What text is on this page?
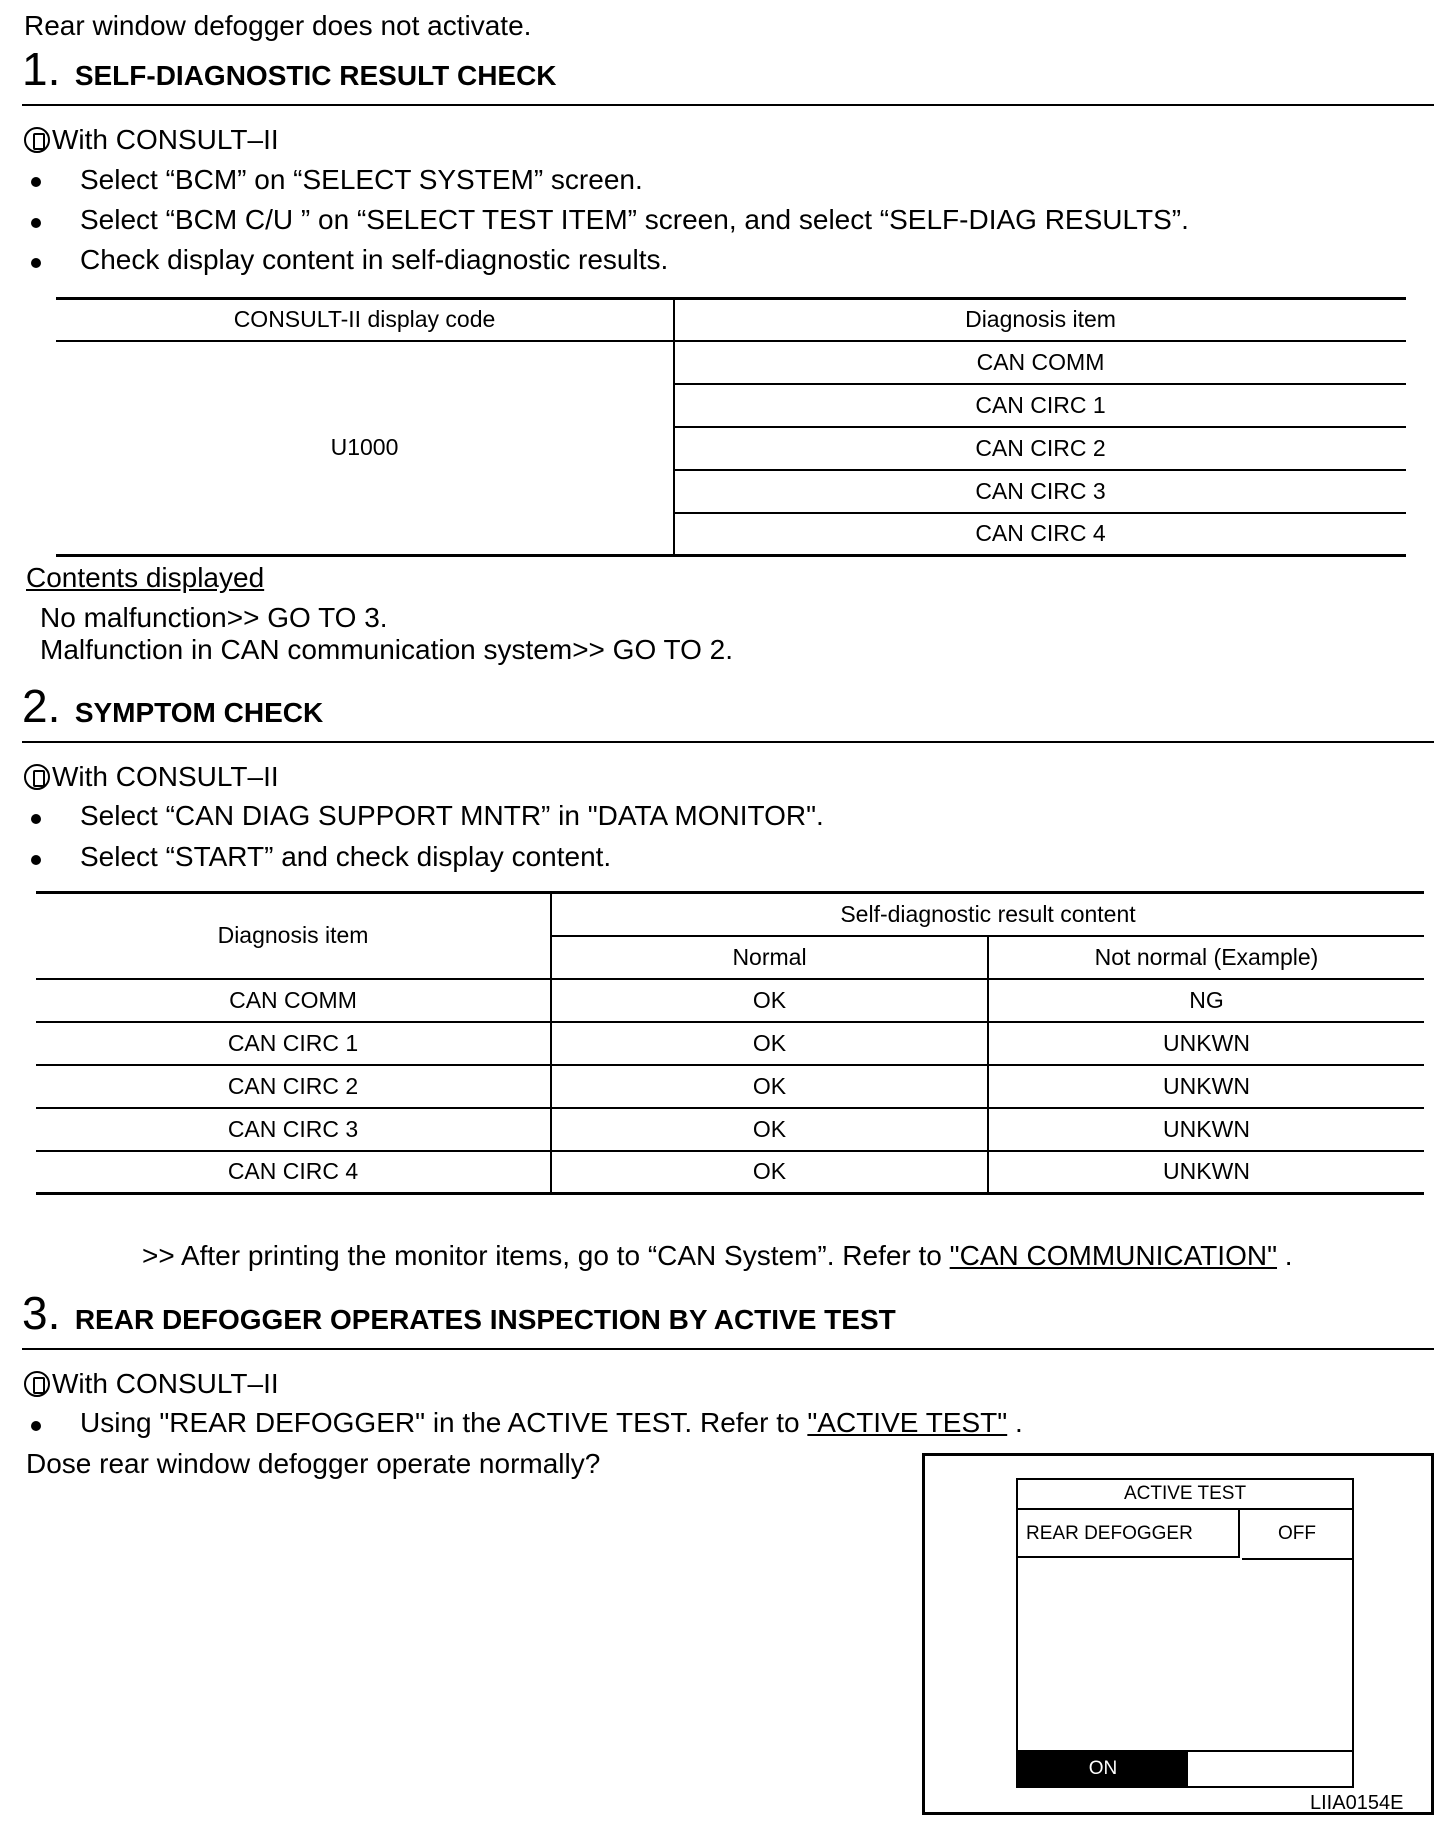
Rear window defogger does not activate.
1. SELF-DIAGNOSTIC RESULT CHECK
With CONSULT–II
Select “BCM” on “SELECT SYSTEM” screen.
Select “BCM C/U ” on “SELECT TEST ITEM” screen, and select “SELF-DIAG RESULTS”.
Check display content in self-diagnostic results.
CONSULT-II display code	Diagnosis item
U1000	CAN COMM
	CAN CIRC 1
	CAN CIRC 2
	CAN CIRC 3
	CAN CIRC 4
Contents displayed
No malfunction>> GO TO 3.
Malfunction in CAN communication system>> GO TO 2.
2. SYMPTOM CHECK
With CONSULT–II
Select “CAN DIAG SUPPORT MNTR” in "DATA MONITOR".
Select “START” and check display content.
Diagnosis item	Self-diagnostic result content	
	Normal	Not normal (Example)
CAN COMM	OK	NG
CAN CIRC 1	OK	UNKWN
CAN CIRC 2	OK	UNKWN
CAN CIRC 3	OK	UNKWN
CAN CIRC 4	OK	UNKWN
>> After printing the monitor items, go to “CAN System”. Refer to "CAN COMMUNICATION" .
3. REAR DEFOGGER OPERATES INSPECTION BY ACTIVE TEST
With CONSULT–II
Using "REAR DEFOGGER" in the ACTIVE TEST. Refer to "ACTIVE TEST" .
Dose rear window defogger operate normally?
ACTIVE TEST
REAR DEFOGGER	OFF
ON
LIIA0154E
